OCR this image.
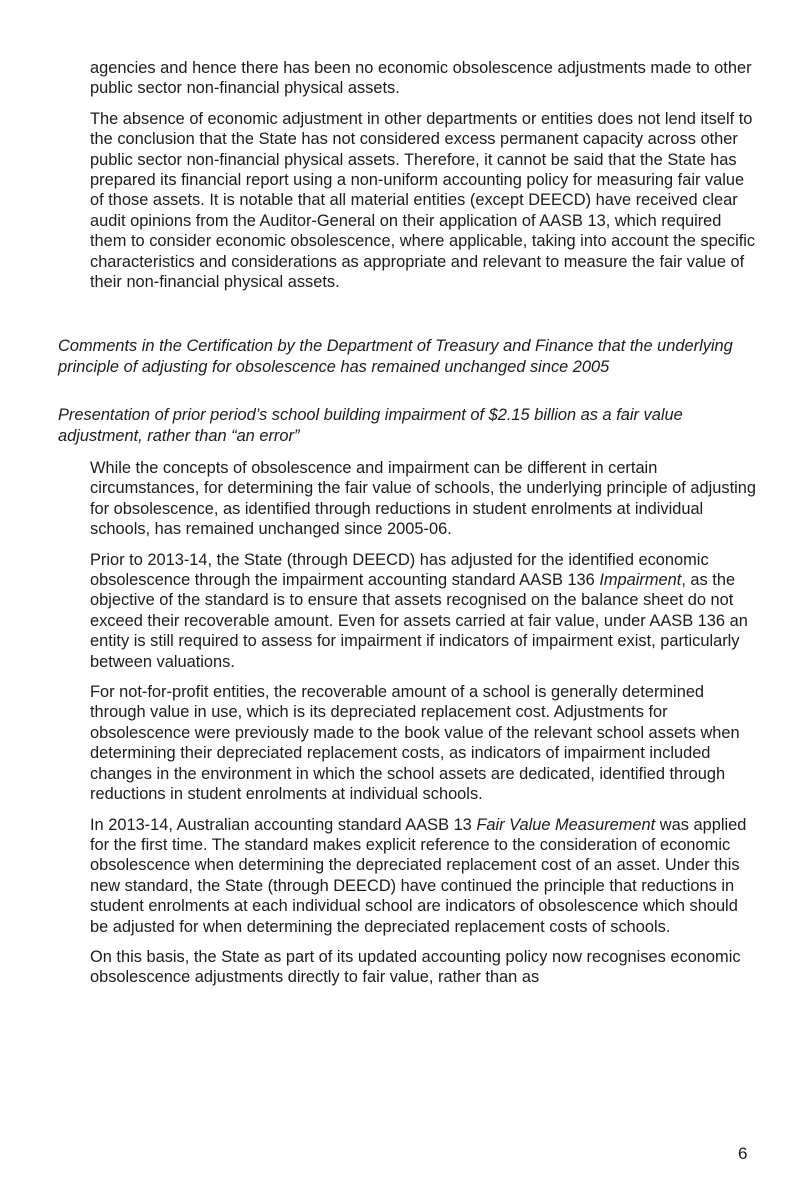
agencies and hence there has been no economic obsolescence adjustments made to other public sector non-financial physical assets.

The absence of economic adjustment in other departments or entities does not lend itself to the conclusion that the State has not considered excess permanent capacity across other public sector non-financial physical assets. Therefore, it cannot be said that the State has prepared its financial report using a non-uniform accounting policy for measuring fair value of those assets. It is notable that all material entities (except DEECD) have received clear audit opinions from the Auditor-General on their application of AASB 13, which required them to consider economic obsolescence, where applicable, taking into account the specific characteristics and considerations as appropriate and relevant to measure the fair value of their non-financial physical assets.

Comments in the Certification by the Department of Treasury and Finance that the underlying principle of adjusting for obsolescence has remained unchanged since 2005

Presentation of prior period’s school building impairment of $2.15 billion as a fair value adjustment, rather than “an error”

While the concepts of obsolescence and impairment can be different in certain circumstances, for determining the fair value of schools, the underlying principle of adjusting for obsolescence, as identified through reductions in student enrolments at individual schools, has remained unchanged since 2005-06.

Prior to 2013-14, the State (through DEECD) has adjusted for the identified economic obsolescence through the impairment accounting standard AASB 136 Impairment, as the objective of the standard is to ensure that assets recognised on the balance sheet do not exceed their recoverable amount. Even for assets carried at fair value, under AASB 136 an entity is still required to assess for impairment if indicators of impairment exist, particularly between valuations.

For not-for-profit entities, the recoverable amount of a school is generally determined through value in use, which is its depreciated replacement cost. Adjustments for obsolescence were previously made to the book value of the relevant school assets when determining their depreciated replacement costs, as indicators of impairment included changes in the environment in which the school assets are dedicated, identified through reductions in student enrolments at individual schools.

In 2013-14, Australian accounting standard AASB 13 Fair Value Measurement was applied for the first time. The standard makes explicit reference to the consideration of economic obsolescence when determining the depreciated replacement cost of an asset. Under this new standard, the State (through DEECD) have continued the principle that reductions in student enrolments at each individual school are indicators of obsolescence which should be adjusted for when determining the depreciated replacement costs of schools.

On this basis, the State as part of its updated accounting policy now recognises economic obsolescence adjustments directly to fair value, rather than as

6
